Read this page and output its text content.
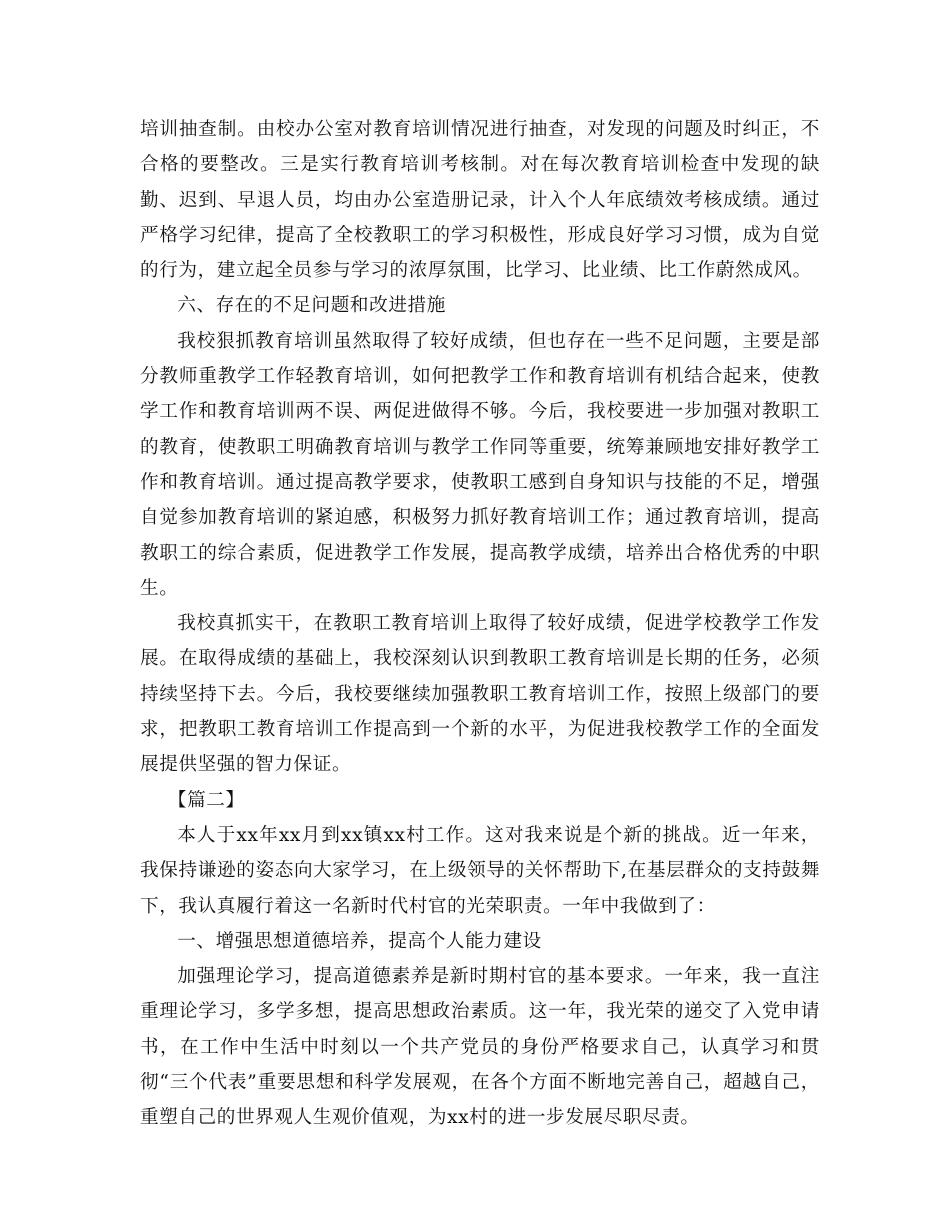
培训抽查制。由校办公室对教育培训情况进行抽查，对发现的问题及时纠正，不合格的要整改。三是实行教育培训考核制。对在每次教育培训检查中发现的缺勤、迟到、早退人员，均由办公室造册记录，计入个人年底绩效考核成绩。通过严格学习纪律，提高了全校教职工的学习积极性，形成良好学习习惯，成为自觉的行为，建立起全员参与学习的浓厚氛围，比学习、比业绩、比工作蔚然成风。

六、存在的不足问题和改进措施

我校狠抓教育培训虽然取得了较好成绩，但也存在一些不足问题，主要是部分教师重教学工作轻教育培训，如何把教学工作和教育培训有机结合起来，使教学工作和教育培训两不误、两促进做得不够。今后，我校要进一步加强对教职工的教育，使教职工明确教育培训与教学工作同等重要，统筹兼顾地安排好教学工作和教育培训。通过提高教学要求，使教职工感到自身知识与技能的不足，增强自觉参加教育培训的紧迫感，积极努力抓好教育培训工作；通过教育培训，提高教职工的综合素质，促进教学工作发展，提高教学成绩，培养出合格优秀的中职生。

我校真抓实干，在教职工教育培训上取得了较好成绩，促进学校教学工作发展。在取得成绩的基础上，我校深刻认识到教职工教育培训是长期的任务，必须持续坚持下去。今后，我校要继续加强教职工教育培训工作，按照上级部门的要求，把教职工教育培训工作提高到一个新的水平，为促进我校教学工作的全面发展提供坚强的智力保证。

【篇二】

本人于xx年xx月到xx镇xx村工作。这对我来说是个新的挑战。近一年来，我保持谦逊的姿态向大家学习，在上级领导的关怀帮助下,在基层群众的支持鼓舞下，我认真履行着这一名新时代村官的光荣职责。一年中我做到了：

一、增强思想道德培养，提高个人能力建设

加强理论学习，提高道德素养是新时期村官的基本要求。一年来，我一直注重理论学习，多学多想，提高思想政治素质。这一年，我光荣的递交了入党申请书，在工作中生活中时刻以一个共产党员的身份严格要求自己，认真学习和贯彻“三个代表”重要思想和科学发展观，在各个方面不断地完善自己，超越自己，重塑自己的世界观人生观价值观，为xx村的进一步发展尽职尽责。
